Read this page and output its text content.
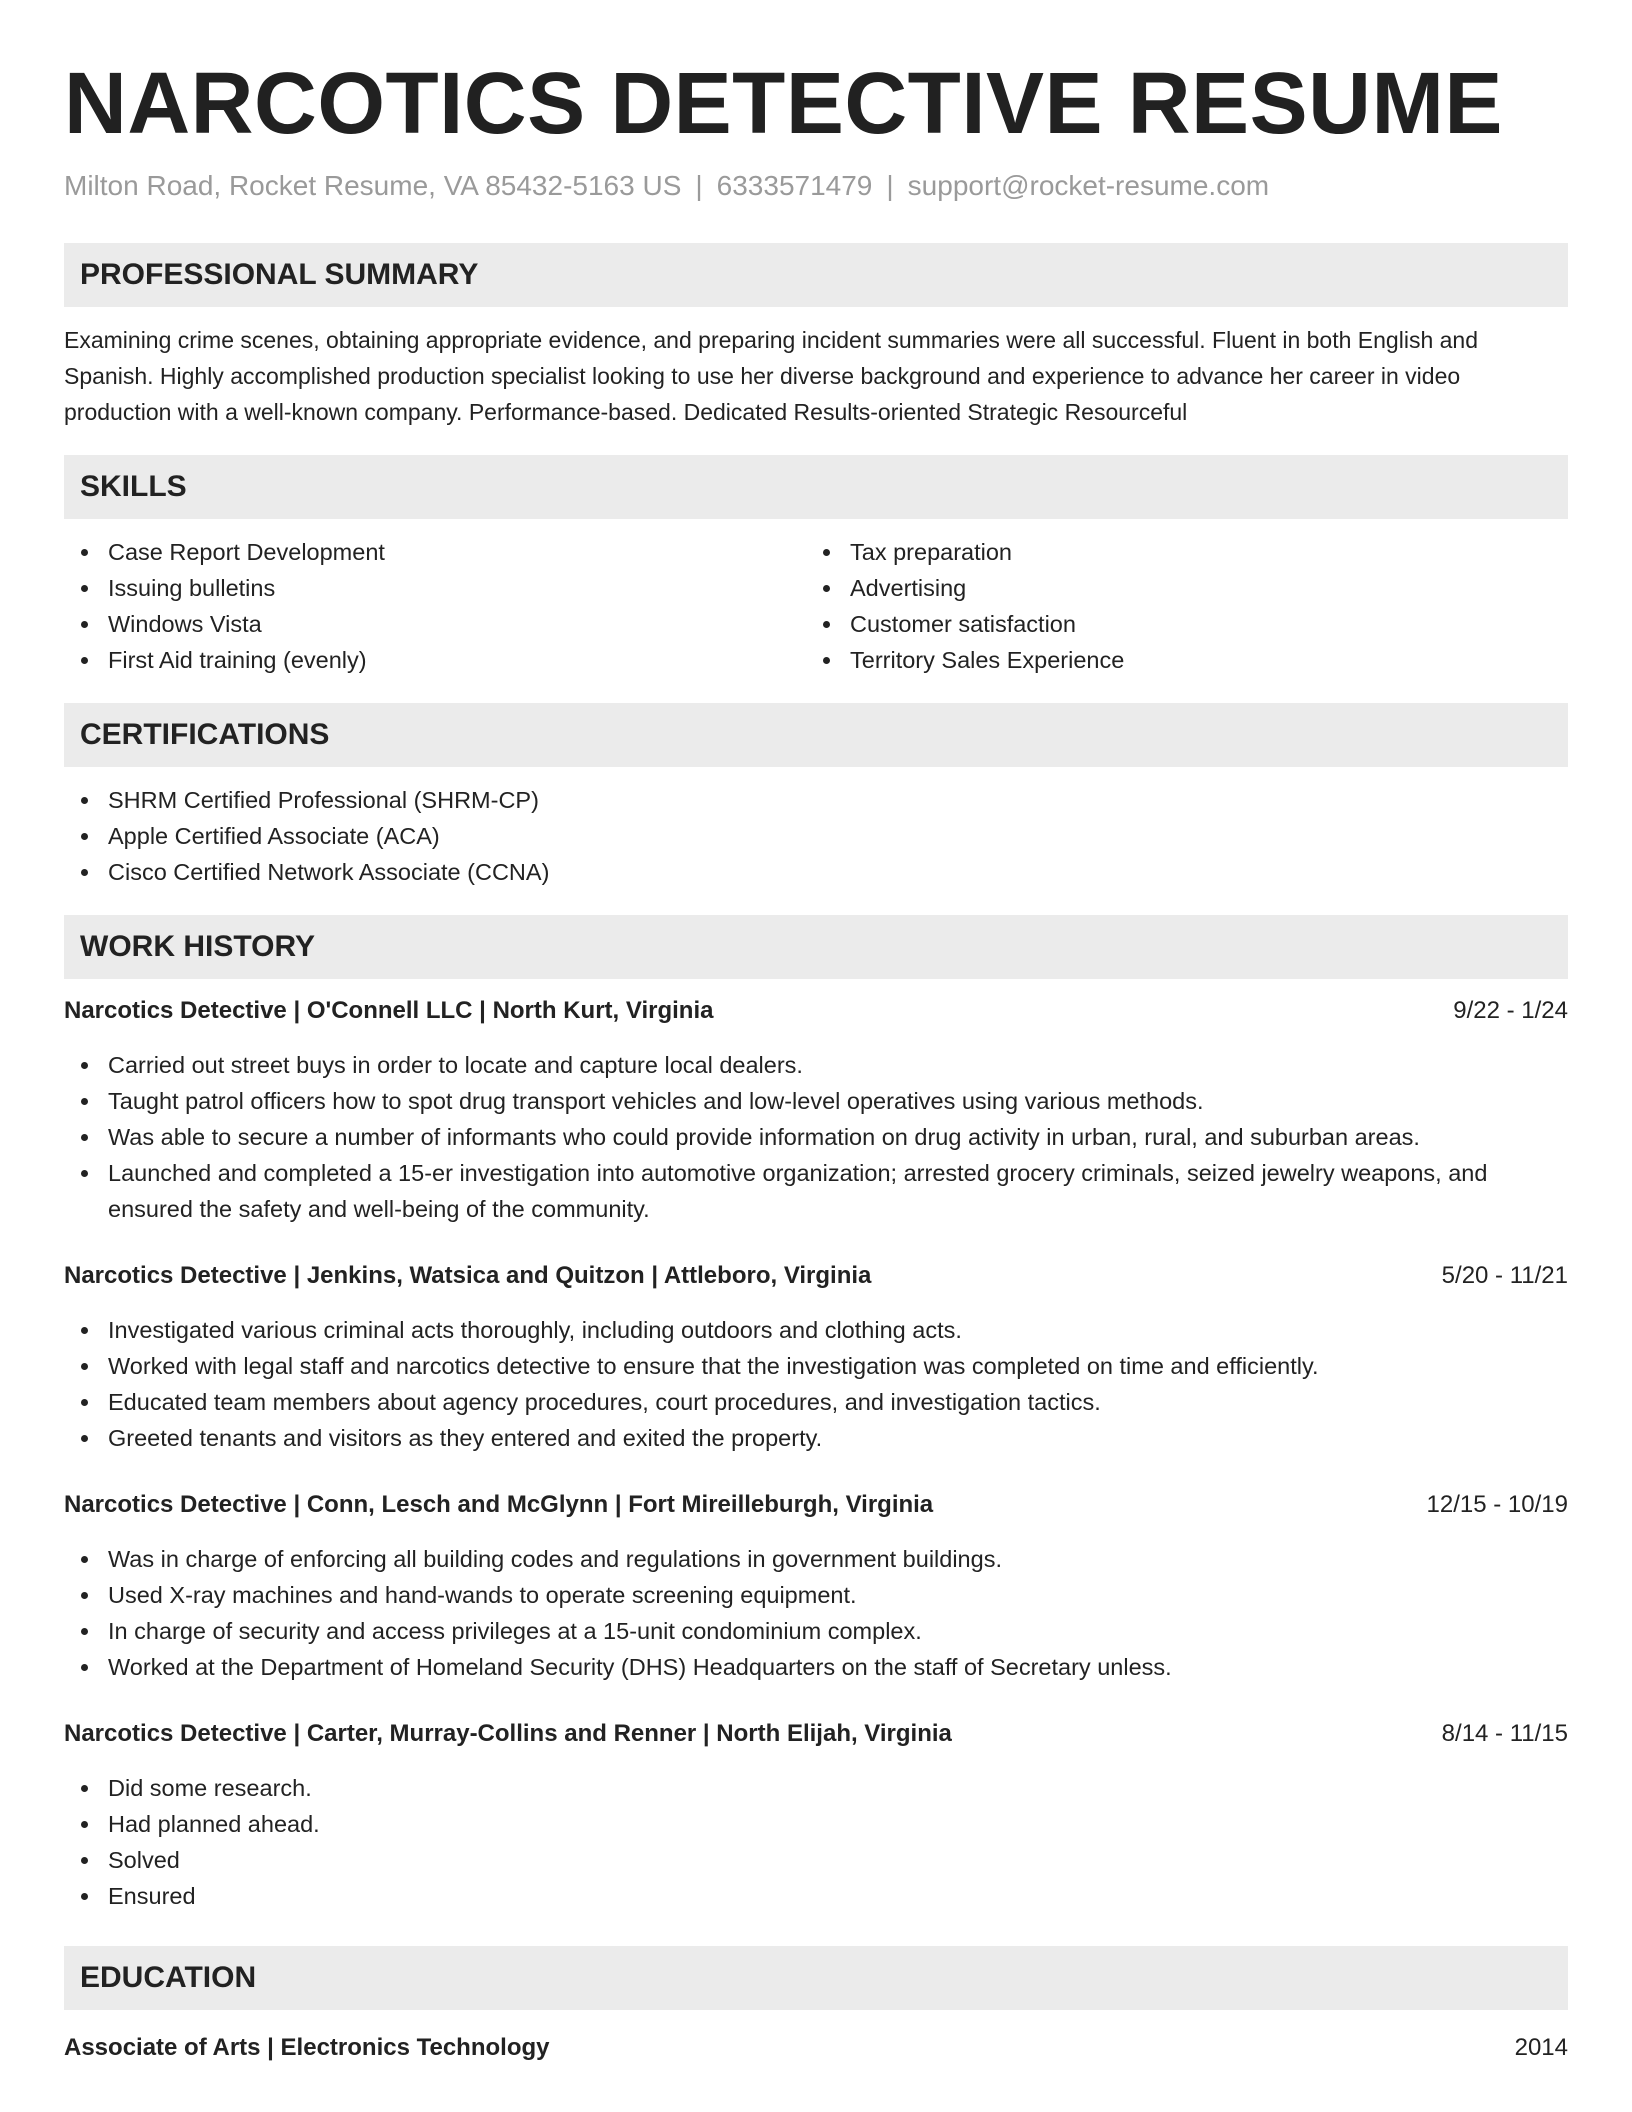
NARCOTICS DETECTIVE RESUME
Milton Road, Rocket Resume, VA 85432-5163 US | 6333571479 | support@rocket-resume.com
PROFESSIONAL SUMMARY

Examining crime scenes, obtaining appropriate evidence, and preparing incident summaries were all successful. Fluent in both English and Spanish. Highly accomplished production specialist looking to use her diverse background and experience to advance her career in video production with a well-known company. Performance-based. Dedicated Results-oriented Strategic Resourceful

SKILLS
Case Report Development
Issuing bulletins
Windows Vista
First Aid training (evenly)
Tax preparation
Advertising
Customer satisfaction
Territory Sales Experience
CERTIFICATIONS
SHRM Certified Professional (SHRM-CP)
Apple Certified Associate (ACA)
Cisco Certified Network Associate (CCNA)
WORK HISTORY
Narcotics Detective | O'Connell LLC | North Kurt, Virginia	9/22 - 1/24
Carried out street buys in order to locate and capture local dealers.
Taught patrol officers how to spot drug transport vehicles and low-level operatives using various methods.
Was able to secure a number of informants who could provide information on drug activity in urban, rural, and suburban areas.
Launched and completed a 15-er investigation into automotive organization; arrested grocery criminals, seized jewelry weapons, and ensured the safety and well-being of the community.
Narcotics Detective | Jenkins, Watsica and Quitzon | Attleboro, Virginia	5/20 - 11/21
Investigated various criminal acts thoroughly, including outdoors and clothing acts.
Worked with legal staff and narcotics detective to ensure that the investigation was completed on time and efficiently.
Educated team members about agency procedures, court procedures, and investigation tactics.
Greeted tenants and visitors as they entered and exited the property.
Narcotics Detective | Conn, Lesch and McGlynn | Fort Mireilleburgh, Virginia	12/15 - 10/19
Was in charge of enforcing all building codes and regulations in government buildings.
Used X-ray machines and hand-wands to operate screening equipment.
In charge of security and access privileges at a 15-unit condominium complex.
Worked at the Department of Homeland Security (DHS) Headquarters on the staff of Secretary unless.
Narcotics Detective | Carter, Murray-Collins and Renner | North Elijah, Virginia	8/14 - 11/15
Did some research.
Had planned ahead.
Solved
Ensured
EDUCATION
Associate of Arts | Electronics Technology	2014
